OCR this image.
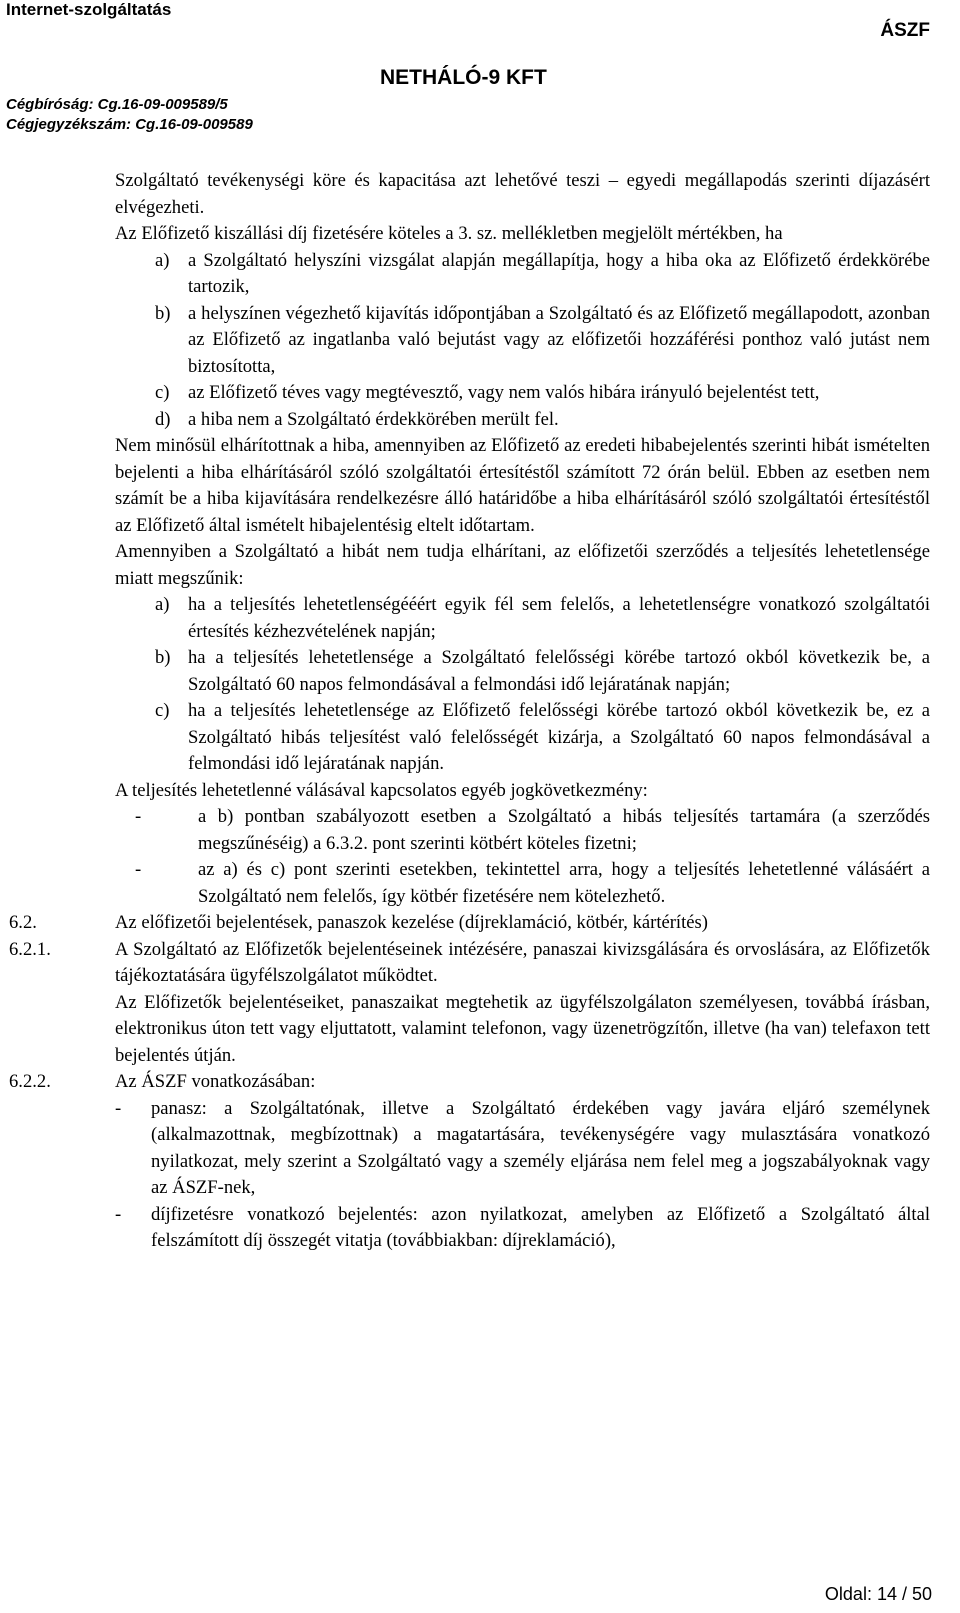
Internet-szolgáltatás
ÁSZF
NETHÁLÓ-9 KFT
Cégbíróság: Cg.16-09-009589/5
Cégjegyzékszám: Cg.16-09-009589

Szolgáltató tevékenységi köre és kapacitása azt lehetővé teszi – egyedi megállapodás szerinti díjazásért elvégezheti.

Az Előfizető kiszállási díj fizetésére köteles a 3. sz. mellékletben megjelölt mértékben, ha

a) a Szolgáltató helyszíni vizsgálat alapján megállapítja, hogy a hiba oka az Előfizető érdekkörébe tartozik,
b) a helyszínen végezhető kijavítás időpontjában a Szolgáltató és az Előfizető megállapodott, azonban az Előfizető az ingatlanba való bejutást vagy az előfizetői hozzáférési ponthoz való jutást nem biztosította,
c) az Előfizető téves vagy megtévesztő, vagy nem valós hibára irányuló bejelentést tett,
d) a hiba nem a Szolgáltató érdekkörében merült fel.

Nem minősül elhárítottnak a hiba, amennyiben az Előfizető az eredeti hibabejelentés szerinti hibát ismételten bejelenti a hiba elhárításáról szóló szolgáltatói értesítéstől számított 72 órán belül. Ebben az esetben nem számít be a hiba kijavítására rendelkezésre álló határidőbe a hiba elhárításáról szóló szolgáltatói értesítéstől az Előfizető által ismételt hibajelentésig eltelt időtartam.

Amennyiben a Szolgáltató a hibát nem tudja elhárítani, az előfizetői szerződés a teljesítés lehetetlensége miatt megszűnik:

a) ha a teljesítés lehetetlenségééért egyik fél sem felelős, a lehetetlenségre vonatkozó szolgáltatói értesítés kézhezvételének napján;
b) ha a teljesítés lehetetlensége a Szolgáltató felelősségi körébe tartozó okból következik be, a Szolgáltató 60 napos felmondásával a felmondási idő lejáratának napján;
c) ha a teljesítés lehetetlensége az Előfizető felelősségi körébe tartozó okból következik be, ez a Szolgáltató hibás teljesítést való felelősségét kizárja, a Szolgáltató 60 napos felmondásával a felmondási idő lejáratának napján.

A teljesítés lehetetlenné válásával kapcsolatos egyéb jogkövetkezmény:

-	a b) pontban szabályozott esetben a Szolgáltató a hibás teljesítés tartamára (a szerződés megszűnéséig) a 6.3.2. pont szerinti kötbért köteles fizetni;
-	az a) és c) pont szerinti esetekben, tekintettel arra, hogy a teljesítés lehetetlenné válásáért a Szolgáltató nem felelős, így kötbér fizetésére nem kötelezhető.
6.2.	Az előfizetői bejelentések, panaszok kezelése (díjreklamáció, kötbér, kártérítés)

6.2.1.	A Szolgáltató az Előfizetők bejelentéseinek intézésére, panaszai kivizsgálására és orvoslására, az Előfizetők tájékoztatására ügyfélszolgálatot működtet.

Az Előfizetők bejelentéseiket, panaszaikat megtehetik az ügyfélszolgálaton személyesen, továbbá írásban, elektronikus úton tett vagy eljuttatott, valamint telefonon, vagy üzenetrögzítőn, illetve (ha van) telefaxon tett bejelentés útján.

6.2.2.	Az ÁSZF vonatkozásában:

-	panasz: a Szolgáltatónak, illetve a Szolgáltató érdekében vagy javára eljáró személynek (alkalmazottnak, megbízottnak) a magatartására, tevékenységére vagy mulasztására vonatkozó nyilatkozat, mely szerint a Szolgáltató vagy a személy eljárása nem felel meg a jogszabályoknak vagy az ÁSZF-nek,
-	díjfizetésre vonatkozó bejelentés: azon nyilatkozat, amelyben az Előfizető a Szolgáltató által felszámított díj összegét vitatja (továbbiakban: díjreklamáció),
Oldal: 14 / 50
